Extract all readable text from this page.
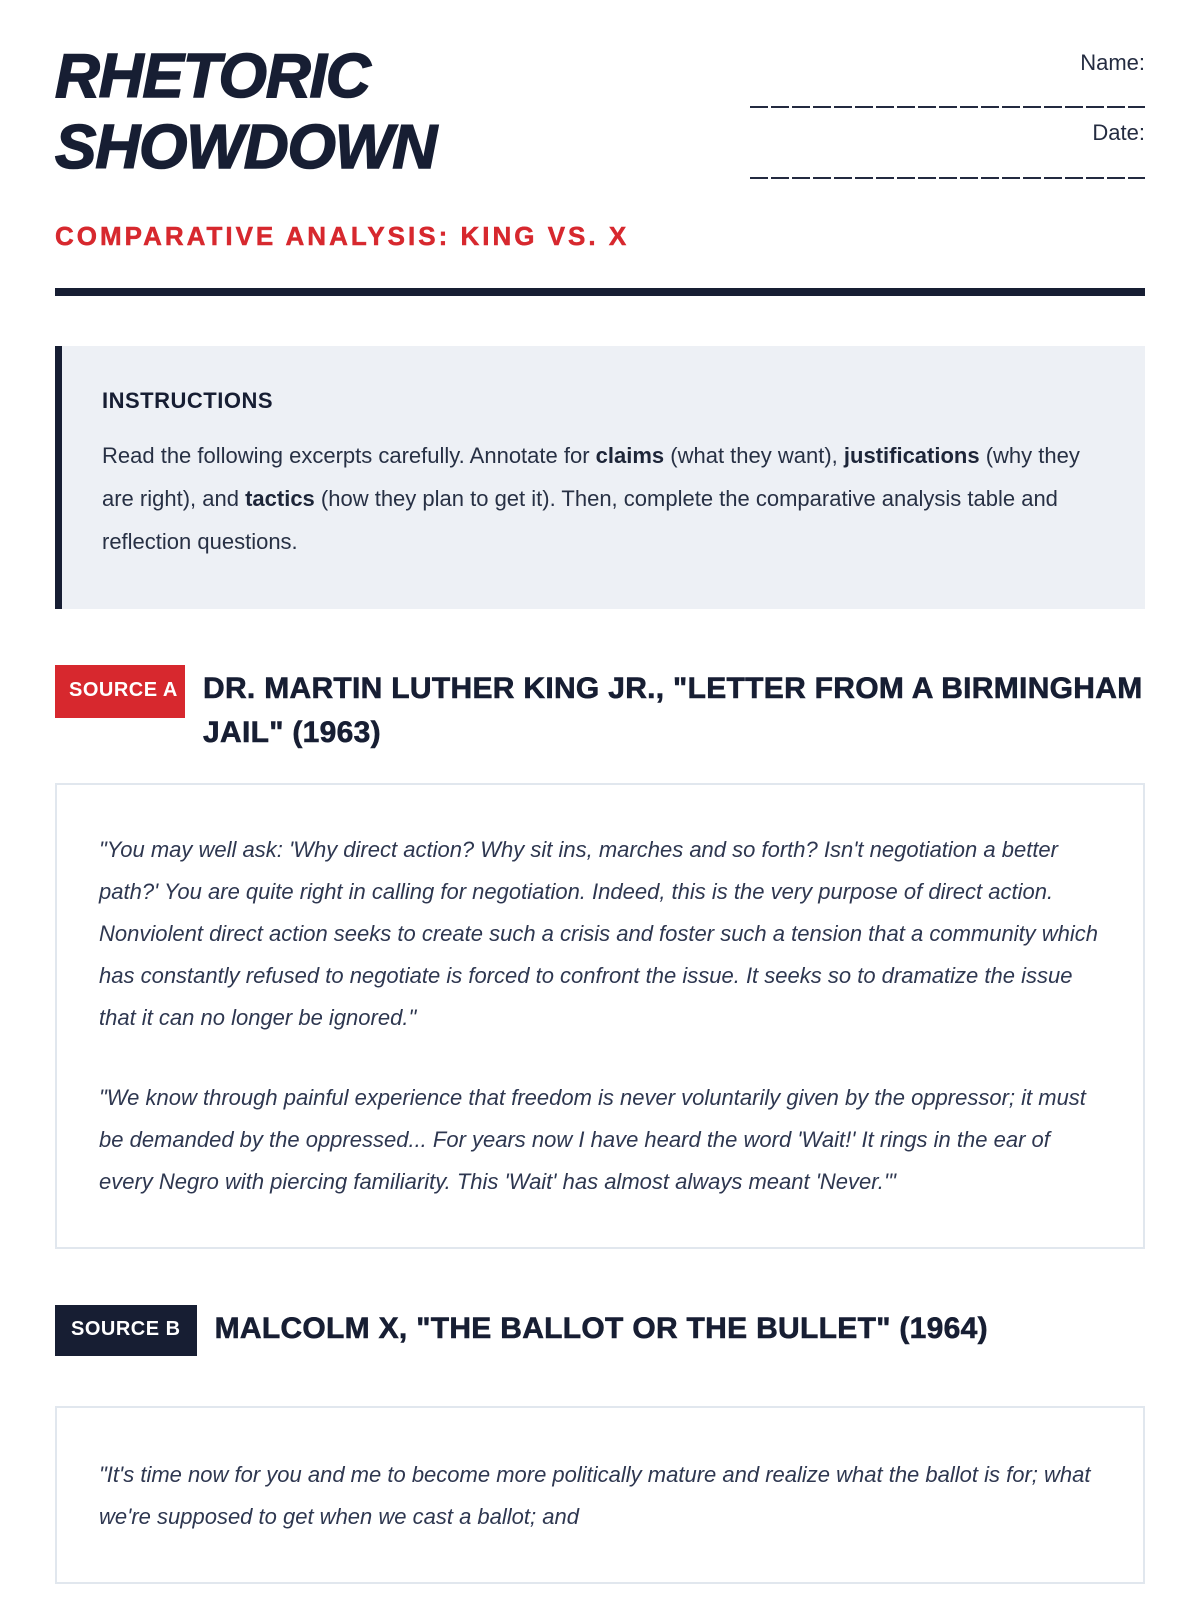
RHETORIC
SHOWDOWN
Name:
Date:
COMPARATIVE ANALYSIS: KING VS. X
INSTRUCTIONS

Read the following excerpts carefully. Annotate for claims (what they want), justifications (why they are right), and tactics (how they plan to get it). Then, complete the comparative analysis table and reflection questions.

SOURCE A DR. MARTIN LUTHER KING JR., "LETTER FROM A BIRMINGHAM JAIL" (1963)

"You may well ask: 'Why direct action? Why sit ins, marches and so forth? Isn't negotiation a better path?' You are quite right in calling for negotiation. Indeed, this is the very purpose of direct action. Nonviolent direct action seeks to create such a crisis and foster such a tension that a community which has constantly refused to negotiate is forced to confront the issue. It seeks so to dramatize the issue that it can no longer be ignored."

"We know through painful experience that freedom is never voluntarily given by the oppressor; it must be demanded by the oppressed... For years now I have heard the word 'Wait!' It rings in the ear of every Negro with piercing familiarity. This 'Wait' has almost always meant 'Never.'"

SOURCE B	MALCOLM X, "THE BALLOT OR THE BULLET" (1964)

"It's time now for you and me to become more politically mature and realize what the ballot is for; what we're supposed to get when we cast a ballot; and
